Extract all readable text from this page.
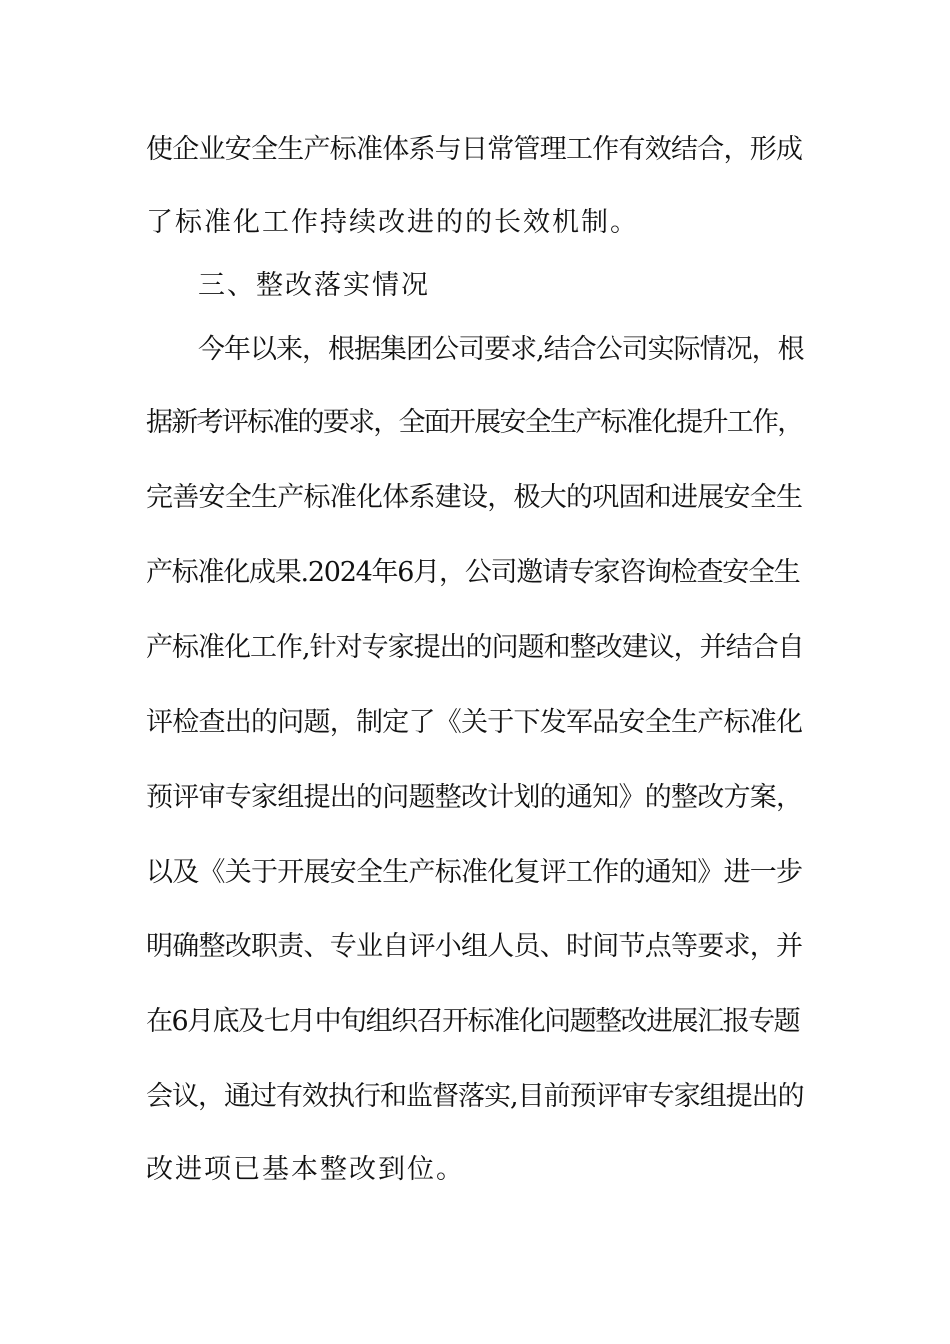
使企业安全生产标准体系与日常管理工作有效结合，形成
了标准化工作持续改进的的长效机制。
三、整改落实情况
今年以来，根据集团公司要求,结合公司实际情况，根
据新考评标准的要求，全面开展安全生产标准化提升工作，
完善安全生产标准化体系建设，极大的巩固和进展安全生
产标准化成果.2024年6月，公司邀请专家咨询检查安全生
产标准化工作,针对专家提出的问题和整改建议，并结合自
评检查出的问题，制定了《关于下发军品安全生产标准化
预评审专家组提出的问题整改计划的通知》的整改方案，
以及《关于开展安全生产标准化复评工作的通知》进一步
明确整改职责、专业自评小组人员、时间节点等要求，并
在6月底及七月中旬组织召开标准化问题整改进展汇报专题
会议，通过有效执行和监督落实,目前预评审专家组提出的
改进项已基本整改到位。
